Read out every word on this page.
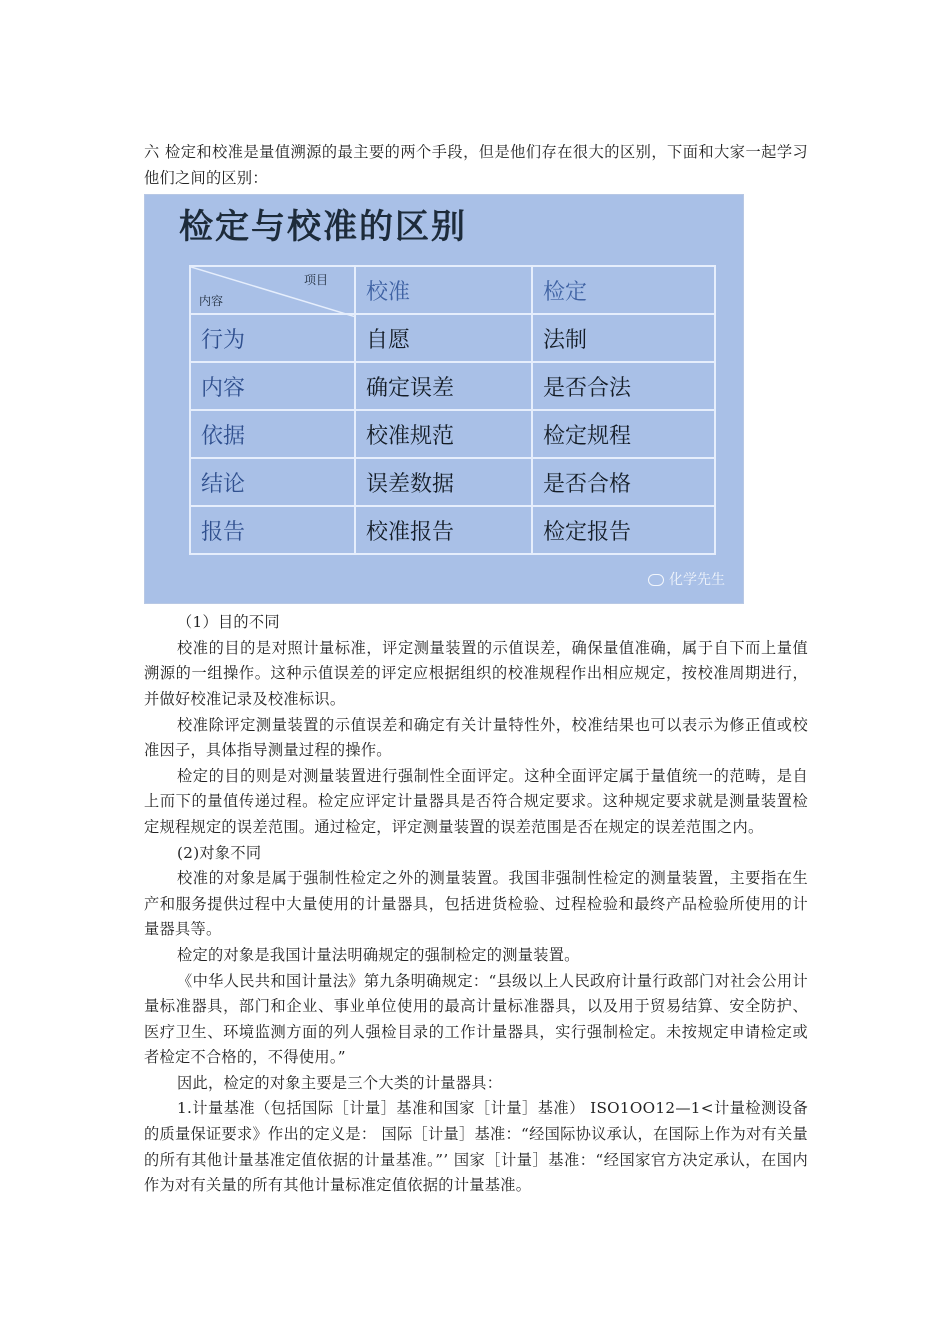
六 检定和校准是量值溯源的最主要的两个手段，但是他们存在很大的区别，下面和大家一起学习他们之间的区别：

检定与校准的区别
项目
内容	校准	检定
行为	自愿	法制
内容	确定误差	是否合法
依据	校准规范	检定规程
结论	误差数据	是否合格
报告	校准报告	检定报告
化学先生

（1）目的不同

校准的目的是对照计量标准，评定测量装置的示值误差，确保量值准确，属于自下而上量值溯源的一组操作。这种示值误差的评定应根据组织的校准规程作出相应规定，按校准周期进行，并做好校准记录及校准标识。

校准除评定测量装置的示值误差和确定有关计量特性外，校准结果也可以表示为修正值或校准因子，具体指导测量过程的操作。

检定的目的则是对测量装置进行强制性全面评定。这种全面评定属于量值统一的范畴，是自上而下的量值传递过程。检定应评定计量器具是否符合规定要求。这种规定要求就是测量装置检定规程规定的误差范围。通过检定，评定测量装置的误差范围是否在规定的误差范围之内。

(2)对象不同

校准的对象是属于强制性检定之外的测量装置。我国非强制性检定的测量装置，主要指在生产和服务提供过程中大量使用的计量器具，包括进货检验、过程检验和最终产品检验所使用的计量器具等。

检定的对象是我国计量法明确规定的强制检定的测量装置。

《中华人民共和国计量法》第九条明确规定：“县级以上人民政府计量行政部门对社会公用计量标准器具，部门和企业、事业单位使用的最高计量标准器具，以及用于贸易结算、安全防护、医疗卫生、环境监测方面的列人强检目录的工作计量器具，实行强制检定。未按规定申请检定或者检定不合格的，不得使用。”

因此，检定的对象主要是三个大类的计量器具：

1.计量基准（包括国际［计量］基准和国家［计量］基准） ISO1OO12—1<计量检测设备的质量保证要求》作出的定义是： 国际［计量］基准：“经国际协议承认，在国际上作为对有关量的所有其他计量基准定值依据的计量基准。”’ 国家［计量］基准：“经国家官方决定承认，在国内作为对有关量的所有其他计量标准定值依据的计量基准。
